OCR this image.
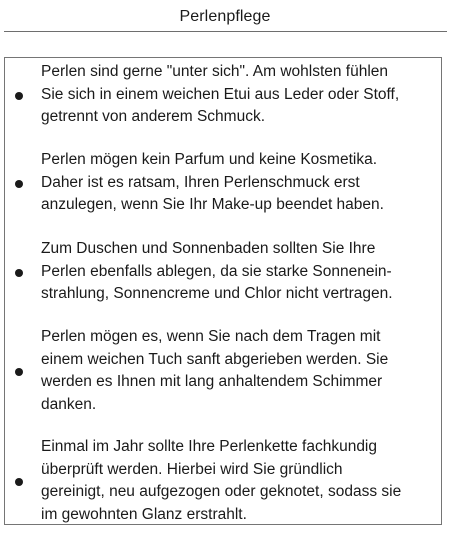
Perlenpflege

Perlen sind gerne "unter sich". Am wohlsten fühlen
Sie sich in einem weichen Etui aus Leder oder Stoff,
getrennt von anderem Schmuck.

Perlen mögen kein Parfum und keine Kosmetika.
Daher ist es ratsam, Ihren Perlenschmuck erst
anzulegen, wenn Sie Ihr Make-up beendet haben.

Zum Duschen und Sonnenbaden sollten Sie Ihre
Perlen ebenfalls ablegen, da sie starke Sonnenein-
strahlung, Sonnencreme und Chlor nicht vertragen.

Perlen mögen es, wenn Sie nach dem Tragen mit
einem weichen Tuch sanft abgerieben werden. Sie
werden es Ihnen mit lang anhaltendem Schimmer
danken.

Einmal im Jahr sollte Ihre Perlenkette fachkundig
überprüft werden. Hierbei wird Sie gründlich
gereinigt, neu aufgezogen oder geknotet, sodass sie
im gewohnten Glanz erstrahlt.
